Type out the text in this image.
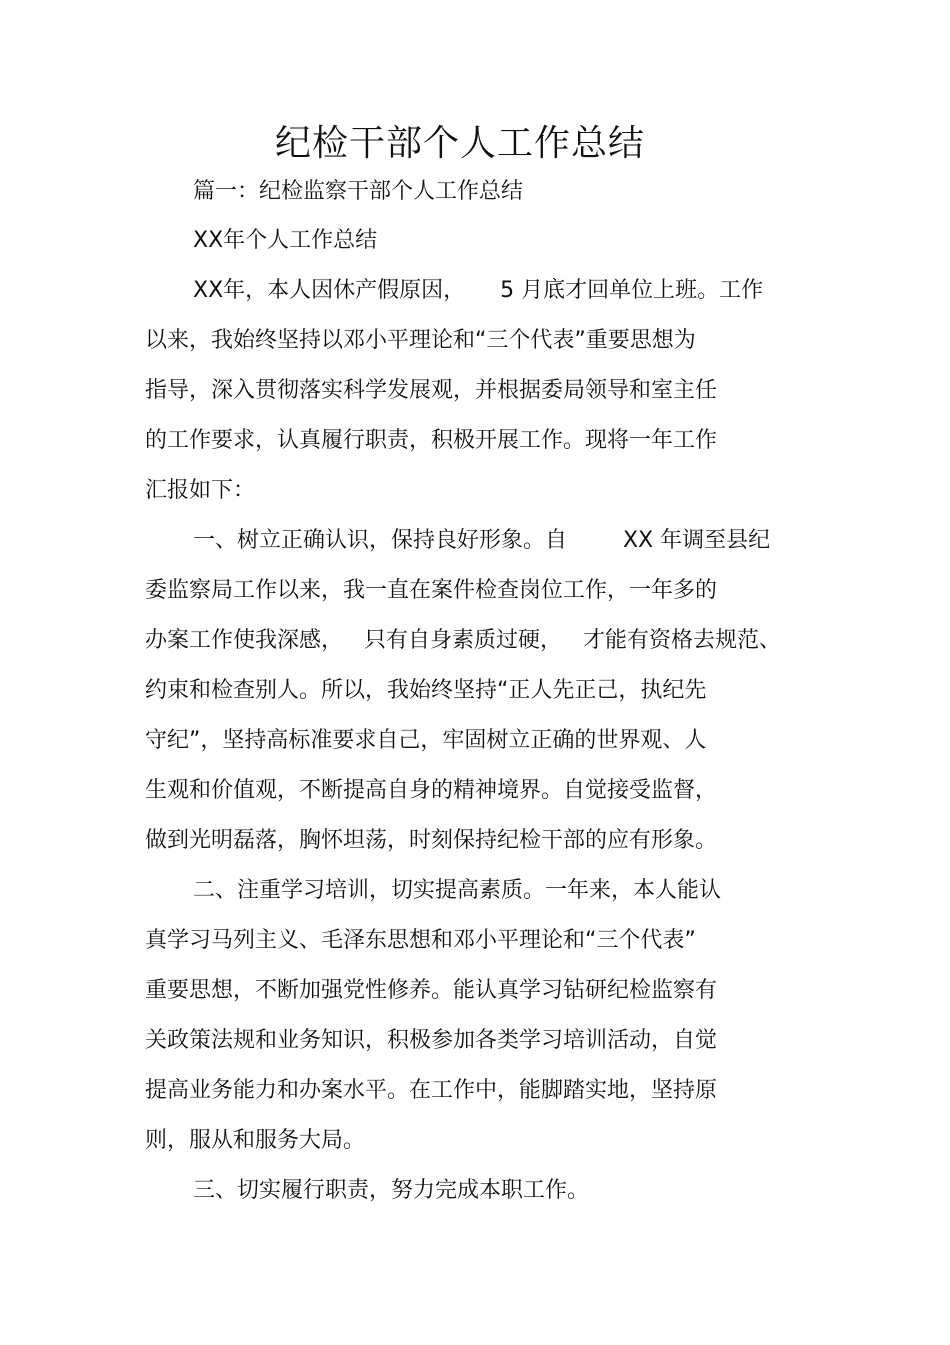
纪检干部个人工作总结
篇一：纪检监察干部个人工作总结
XX年个人工作总结
XX年，本人因休产假原因，     5 月底才回单位上班。工作
以来，我始终坚持以邓小平理论和“三个代表”重要思想为
指导，深入贯彻落实科学发展观，并根据委局领导和室主任
的工作要求，认真履行职责，积极开展工作。现将一年工作
汇报如下：
一、树立正确认识，保持良好形象。自        XX 年调至县纪
委监察局工作以来，我一直在案件检查岗位工作，一年多的
办案工作使我深感，   只有自身素质过硬，   才能有资格去规范、
约束和检查别人。所以，我始终坚持“正人先正己，执纪先
守纪”，坚持高标准要求自己，牢固树立正确的世界观、人
生观和价值观，不断提高自身的精神境界。自觉接受监督，
做到光明磊落，胸怀坦荡，时刻保持纪检干部的应有形象。
二、注重学习培训，切实提高素质。一年来，本人能认
真学习马列主义、毛泽东思想和邓小平理论和“三个代表”
重要思想，不断加强党性修养。能认真学习钻研纪检监察有
关政策法规和业务知识，积极参加各类学习培训活动，自觉
提高业务能力和办案水平。在工作中，能脚踏实地，坚持原
则，服从和服务大局。
三、切实履行职责，努力完成本职工作。
